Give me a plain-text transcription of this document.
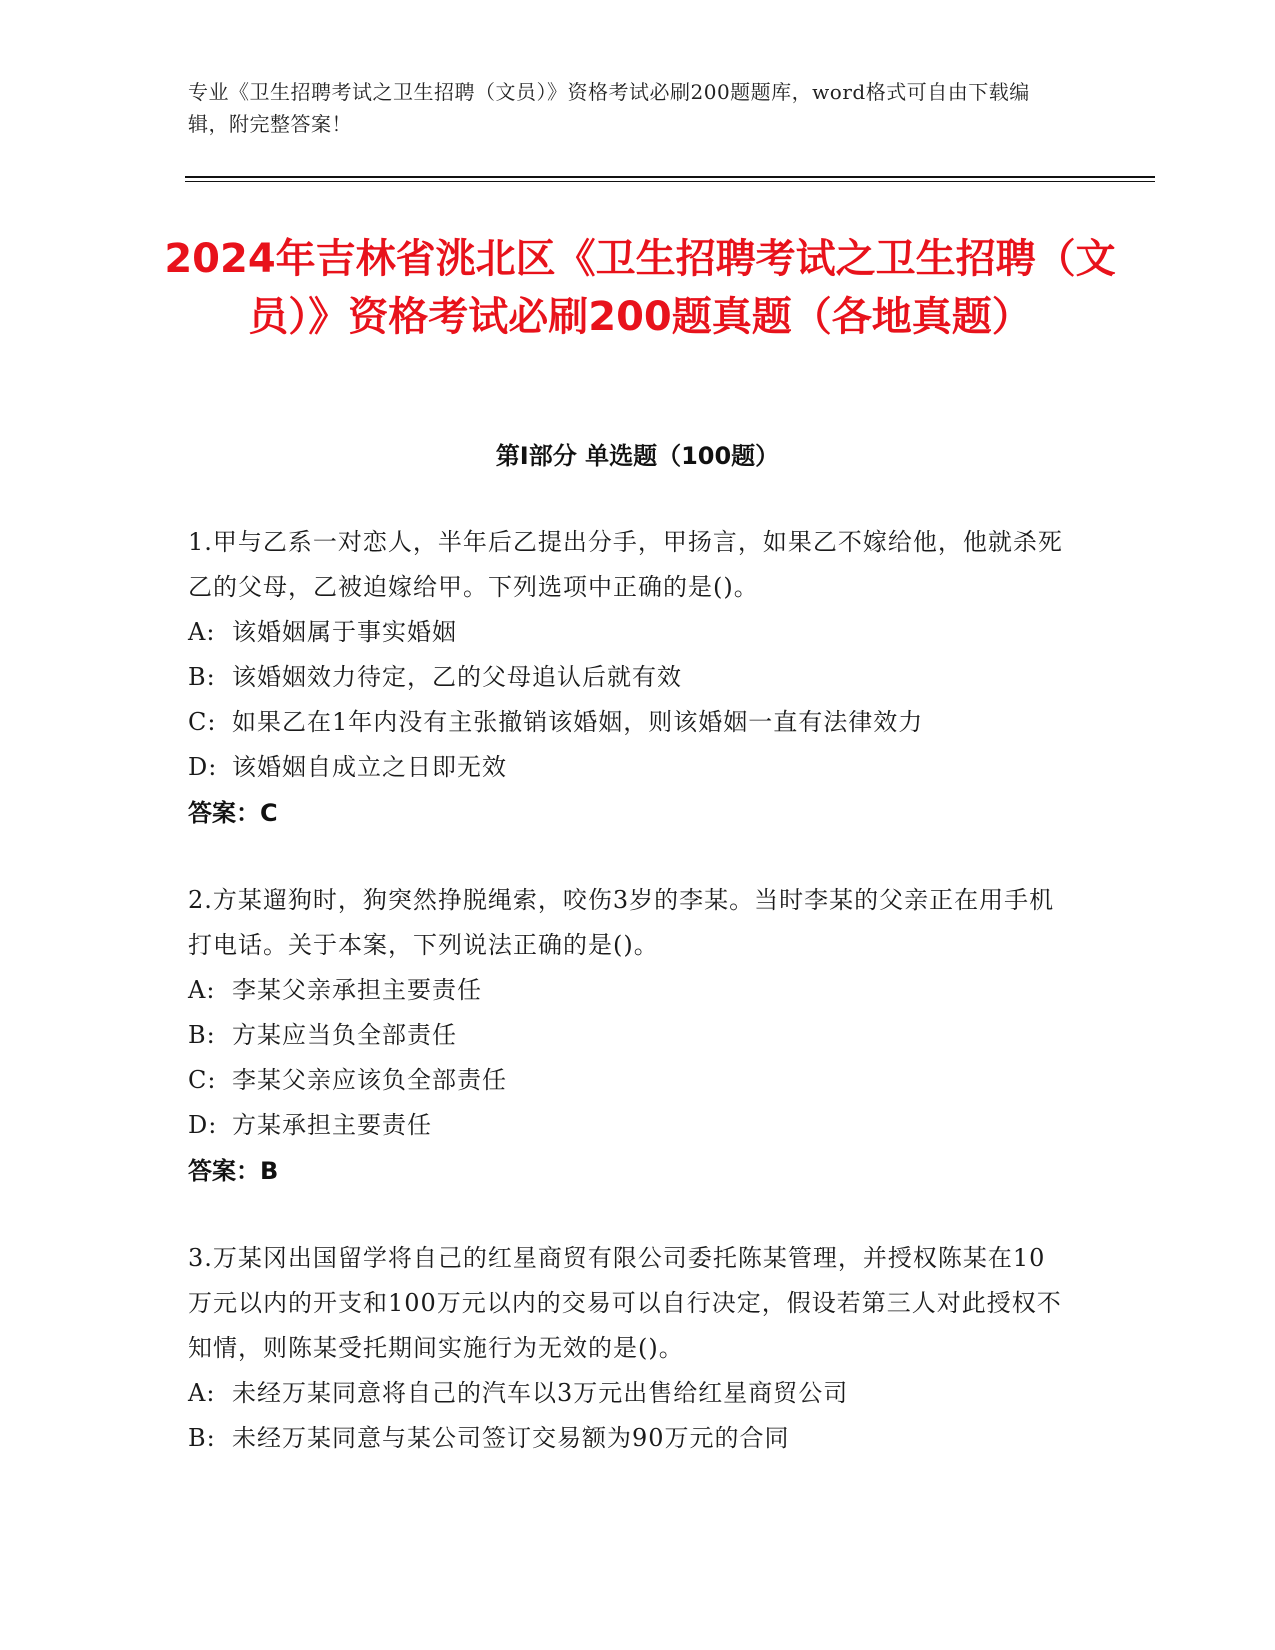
专业《卫生招聘考试之卫生招聘（文员）》资格考试必刷200题题库，word格式可自由下载编辑，附完整答案！
2024年吉林省洮北区《卫生招聘考试之卫生招聘（文员）》资格考试必刷200题真题（各地真题）
第Ⅰ部分 单选题（100题）
1.甲与乙系一对恋人，半年后乙提出分手，甲扬言，如果乙不嫁给他，他就杀死乙的父母，乙被迫嫁给甲。下列选项中正确的是()。
A: 该婚姻属于事实婚姻
B: 该婚姻效力待定，乙的父母追认后就有效
C: 如果乙在1年内没有主张撤销该婚姻，则该婚姻一直有法律效力
D: 该婚姻自成立之日即无效
答案：C
2.方某遛狗时，狗突然挣脱绳索，咬伤3岁的李某。当时李某的父亲正在用手机打电话。关于本案，下列说法正确的是()。
A: 李某父亲承担主要责任
B: 方某应当负全部责任
C: 李某父亲应该负全部责任
D: 方某承担主要责任
答案：B
3.万某冈出国留学将自己的红星商贸有限公司委托陈某管理，并授权陈某在10万元以内的开支和100万元以内的交易可以自行决定，假设若第三人对此授权不知情，则陈某受托期间实施行为无效的是()。
A: 未经万某同意将自己的汽车以3万元出售给红星商贸公司
B: 未经万某同意与某公司签订交易额为90万元的合同
